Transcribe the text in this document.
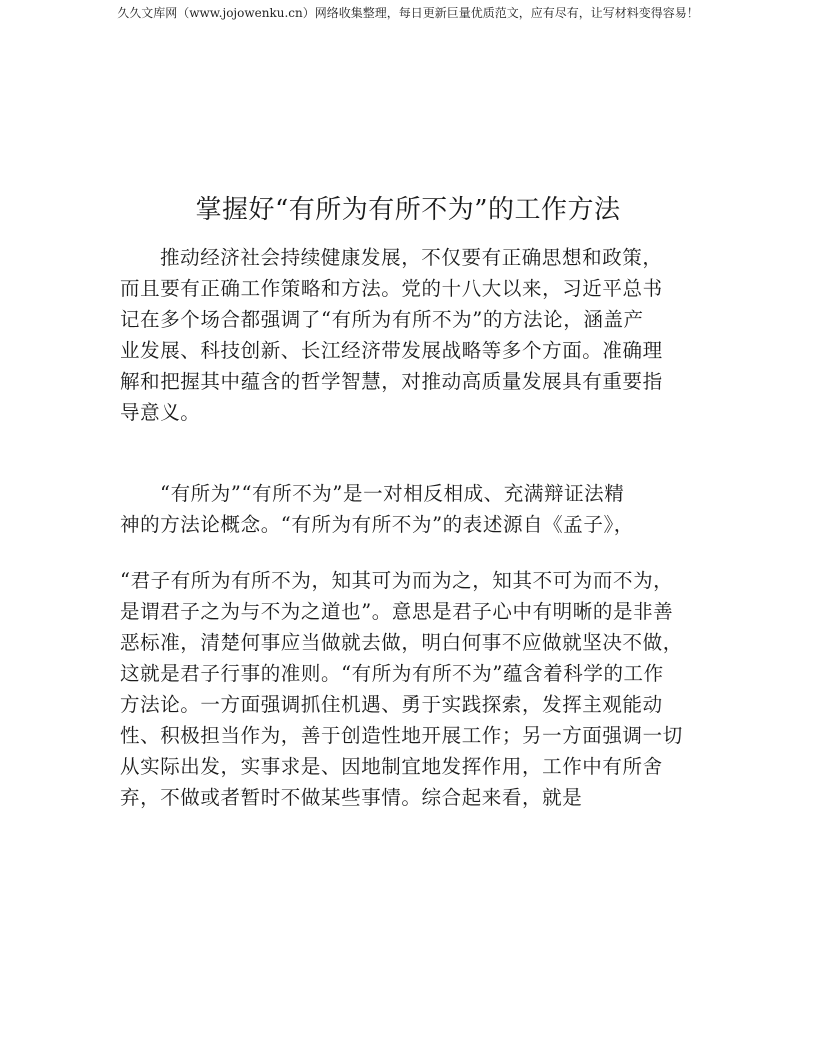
久久文库网（www.jojowenku.cn）网络收集整理，每日更新巨量优质范文，应有尽有，让写材料变得容易！
掌握好“有所为有所不为”的工作方法

推动经济社会持续健康发展，不仅要有正确思想和政策，
而且要有正确工作策略和方法。党的十八大以来，习近平总书
记在多个场合都强调了“有所为有所不为”的方法论，涵盖产
业发展、科技创新、长江经济带发展战略等多个方面。准确理
解和把握其中蕴含的哲学智慧，对推动高质量发展具有重要指
导意义。

“有所为”“有所不为”是一对相反相成、充满辩证法精
神的方法论概念。“有所为有所不为”的表述源自《孟子》，

“君子有所为有所不为，知其可为而为之，知其不可为而不为，
是谓君子之为与不为之道也”。意思是君子心中有明晰的是非善
恶标准，清楚何事应当做就去做，明白何事不应做就坚决不做，
这就是君子行事的准则。“有所为有所不为”蕴含着科学的工作
方法论。一方面强调抓住机遇、勇于实践探索，发挥主观能动
性、积极担当作为，善于创造性地开展工作；另一方面强调一切
从实际出发，实事求是、因地制宜地发挥作用，工作中有所舍
弃，不做或者暂时不做某些事情。综合起来看，就是
